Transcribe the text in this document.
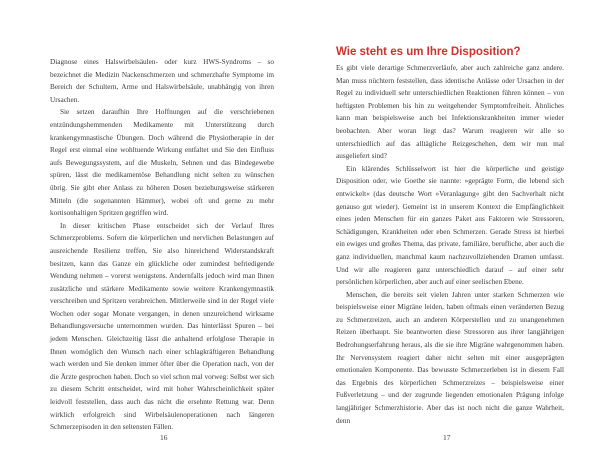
Diagnose eines Halswirbelsäulen- oder kurz HWS-Syndroms – so bezeichnet die Medizin Nackenschmerzen und schmerzhafte Symptome im Bereich der Schultern, Arme und Halswirbelsäule, unabhängig von ihren Ursachen.

Sie setzen daraufhin Ihre Hoffnungen auf die verschriebenen entzündungshemmenden Medikamente mit Unterstützung durch krankengymnastische Übungen. Doch während die Physiotherapie in der Regel erst einmal eine wohltuende Wirkung entfaltet und Sie den Einfluss aufs Bewegungssystem, auf die Muskeln, Sehnen und das Bindegewebe spüren, lässt die medikamentöse Behandlung nicht selten zu wünschen übrig. Sie gibt eher Anlass zu höheren Dosen beziehungsweise stärkeren Mitteln (die sogenannten Hämmer), wobei oft und gerne zu mehr kortisonhaltigen Spritzen gegriffen wird.

In dieser kritischen Phase entscheidet sich der Verlauf Ihres Schmerzproblems. Sofern die körperlichen und nervlichen Belastungen auf ausreichende Resilienz treffen, Sie also hinreichend Widerstandskraft besitzen, kann das Ganze ein glückliche oder zumindest befriedigende Wendung nehmen – vorerst wenigstens. Andernfalls jedoch wird man Ihnen zusätzliche und stärkere Medikamente sowie weitere Krankengymnastik verschreiben und Spritzen verabreichen. Mittlerweile sind in der Regel viele Wochen oder sogar Monate vergangen, in denen unzureichend wirksame Behandlungsversuche unternommen wurden. Das hinterlässt Spuren – bei jedem Menschen. Gleichzeitig lässt die anhaltend erfolglose Therapie in Ihnen womöglich den Wunsch nach einer schlagkräftigeren Behandlung wach werden und Sie denken immer öfter über die Operation nach, von der die Ärzte gesprochen haben. Doch so viel schon mal vorweg: Selbst wer sich zu diesem Schritt entscheidet, wird mit hoher Wahrscheinlichkeit später leidvoll feststellen, dass auch das nicht die ersehnte Rettung war. Denn wirklich erfolgreich sind Wirbelsäulenoperationen nach längeren Schmerzepisoden in den seltensten Fällen.

16
Wie steht es um Ihre Disposition?

Es gibt viele derartige Schmerzverläufe, aber auch zahlreiche ganz andere. Man muss nüchtern feststellen, dass identische Anlässe oder Ursachen in der Regel zu individuell sehr unterschiedlichen Reaktionen führen können – von heftigsten Problemen bis hin zu weitgehender Symptomfreiheit. Ähnliches kann man beispielsweise auch bei Infektionskrankheiten immer wieder beobachten. Aber woran liegt das? Warum reagieren wir alle so unterschiedlich auf das alltägliche Reizgeschehen, dem wir nun mal ausgeliefert sind?

Ein klärendes Schlüsselwort ist hier die körperliche und geistige Disposition oder, wie Goethe sie nannte: »geprägte Form, die lebend sich entwickelt« (das deutsche Wort »Veranlagung« gibt den Sachverhalt nicht genauso gut wieder). Gemeint ist in unserem Kontext die Empfänglichkeit eines jeden Menschen für ein ganzes Paket aus Faktoren wie Stressoren, Schädigungen, Krankheiten oder eben Schmerzen. Gerade Stress ist hierbei ein ewiges und großes Thema, das private, familiäre, berufliche, aber auch die ganz individuellen, manchmal kaum nachzuvollziehenden Dramen umfasst. Und wir alle reagieren ganz unterschiedlich darauf – auf einer sehr persönlichen körperlichen, aber auch auf einer seelischen Ebene.

Menschen, die bereits seit vielen Jahren unter starken Schmerzen wie beispielsweise einer Migräne leiden, haben oftmals einen veränderten Bezug zu Schmerzreizen, auch an anderen Körperstellen und zu unangenehmen Reizen überhaupt. Sie beantworten diese Stressoren aus ihrer langjährigen Bedrohungserfahrung heraus, als die sie ihre Migräne wahrgenommen haben. Ihr Nervensystem reagiert daher nicht selten mit einer ausgeprägten emotionalen Komponente. Das bewusste Schmerzerleben ist in diesem Fall das Ergebnis des körperlichen Schmerzreizes – beispielsweise einer Fußverletzung – und der zugrunde liegenden emotionalen Prägung infolge langjähriger Schmerzhistorie. Aber das ist noch nicht die ganze Wahrheit, denn

17
